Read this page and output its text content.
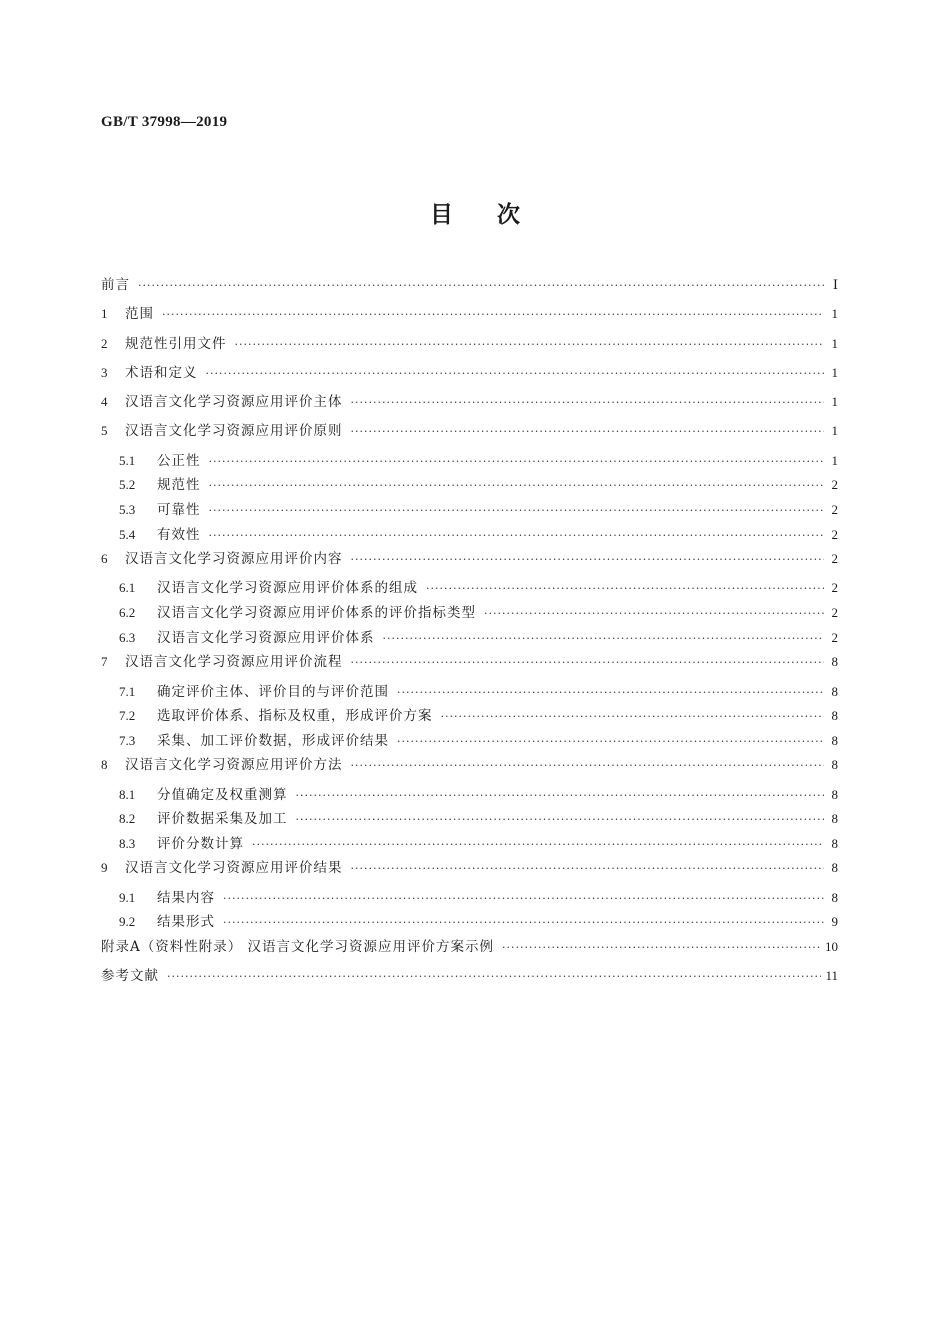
GB/T 37998—2019
目次
前言 ·····	Ⅰ
1	范围 ·····	1
2	规范性引用文件 ·····	1
3	术语和定义 ·····	1
4	汉语言文化学习资源应用评价主体 ·····	1
5	汉语言文化学习资源应用评价原则 ·····	1
5.1	公正性 ·····	1
5.2	规范性 ·····	2
5.3	可靠性 ·····	2
5.4	有效性 ·····	2
6	汉语言文化学习资源应用评价内容 ·····	2
6.1	汉语言文化学习资源应用评价体系的组成 ·····	2
6.2	汉语言文化学习资源应用评价体系的评价指标类型 ·····	2
6.3	汉语言文化学习资源应用评价体系 ·····	2
7	汉语言文化学习资源应用评价流程 ·····	8
7.1	确定评价主体、评价目的与评价范围 ·····	8
7.2	选取评价体系、指标及权重，形成评价方案 ·····	8
7.3	采集、加工评价数据，形成评价结果 ·····	8
8	汉语言文化学习资源应用评价方法 ·····	8
8.1	分值确定及权重测算 ·····	8
8.2	评价数据采集及加工 ·····	8
8.3	评价分数计算 ·····	8
9	汉语言文化学习资源应用评价结果 ·····	8
9.1	结果内容 ·····	8
9.2	结果形式 ·····	9
附录A（资料性附录） 汉语言文化学习资源应用评价方案示例 ·····	10
参考文献 ·····	11
